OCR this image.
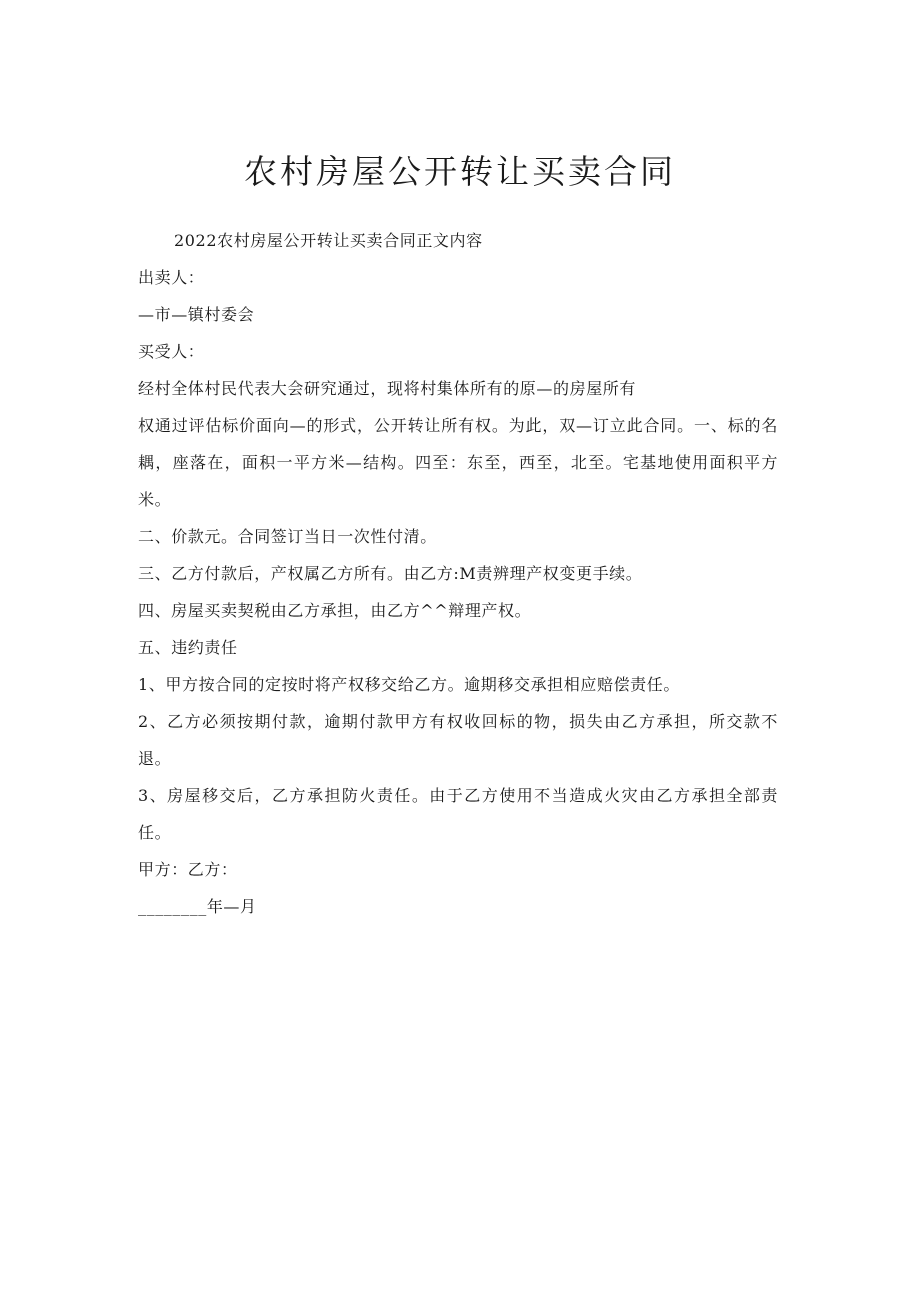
农村房屋公开转让买卖合同

2022农村房屋公开转让买卖合同正文内容

出卖人：

—市—镇村委会

买受人：

经村全体村民代表大会研究通过，现将村集体所有的原—的房屋所有

权通过评估标价面向—的形式，公开转让所有权。为此，双—订立此合同。一、标的名耦，座落在，面积一平方米—结构。四至：东至，西至，北至。宅基地使用面积平方米。

二、价款元。合同签订当日一次性付清。

三、乙方付款后，产权属乙方所有。由乙方:M责辨理产权变更手续。

四、房屋买卖契税由乙方承担，由乙方^^辩理产权。

五、违约责任

1、甲方按合同的定按时将产权移交给乙方。逾期移交承担相应赔偿责任。

2、乙方必须按期付款，逾期付款甲方有权收回标的物，损失由乙方承担，所交款不退。

3、房屋移交后，乙方承担防火责任。由于乙方使用不当造成火灾由乙方承担全部责任。

甲方：乙方：

________年—月
